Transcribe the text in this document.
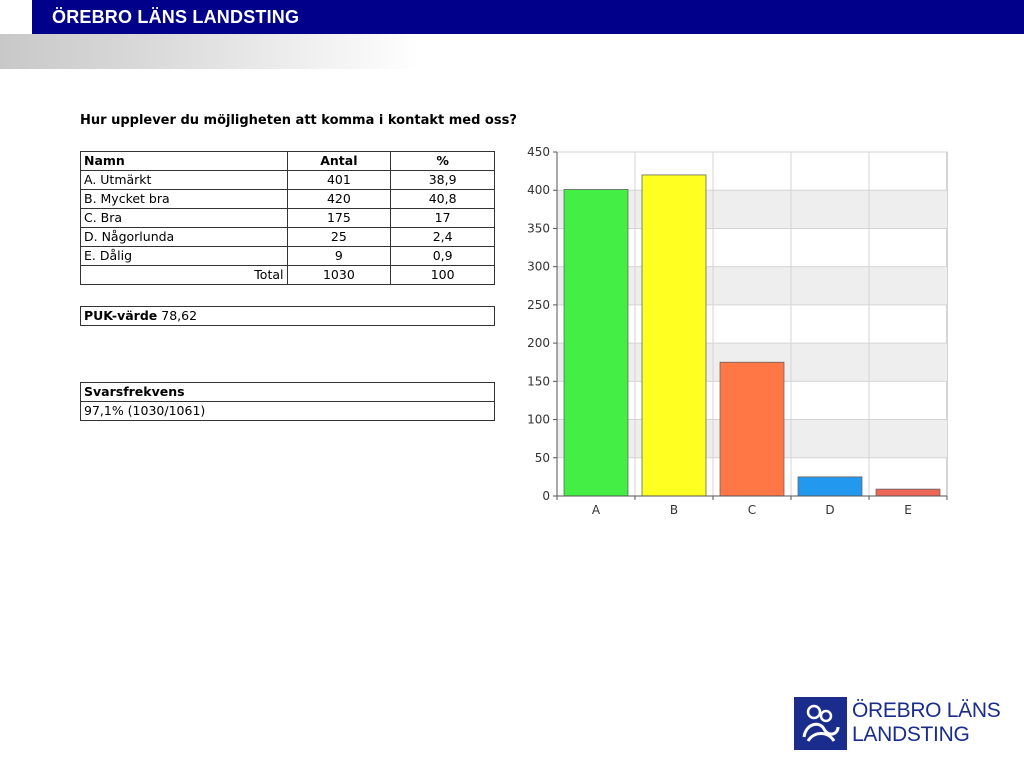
ÖREBRO LÄNS LANDSTING
Hur upplever du möjligheten att komma i kontakt med oss?
Namn	Antal	%
A. Utmärkt	401	38,9
B. Mycket bra	420	40,8
C. Bra	175	17
D. Någorlunda	25	2,4
E. Dålig	9	0,9
Total	1030	100
PUK-värde 78,62
Svarsfrekvens
97,1% (1030/1061)
0
50
100
150
200
250
300
350
400
450
A	B	C	D	E
ÖREBRO LÄNS
LANDSTING
